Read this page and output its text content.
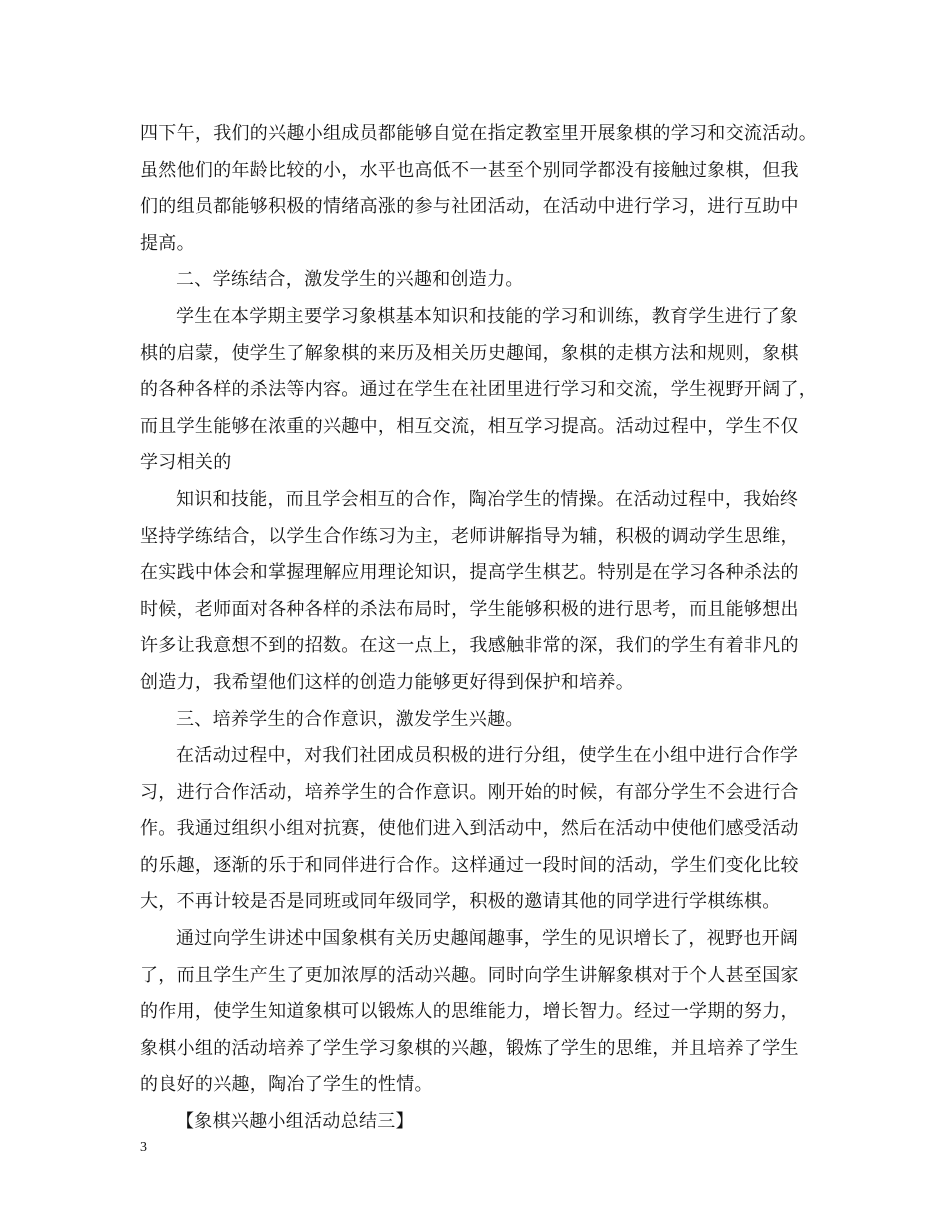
四下午，我们的兴趣小组成员都能够自觉在指定教室里开展象棋的学习和交流活动。
虽然他们的年龄比较的小，水平也高低不一甚至个别同学都没有接触过象棋，但我
们的组员都能够积极的情绪高涨的参与社团活动，在活动中进行学习，进行互助中
提高。
二、学练结合，激发学生的兴趣和创造力。
学生在本学期主要学习象棋基本知识和技能的学习和训练，教育学生进行了象
棋的启蒙，使学生了解象棋的来历及相关历史趣闻，象棋的走棋方法和规则，象棋
的各种各样的杀法等内容。通过在学生在社团里进行学习和交流，学生视野开阔了，
而且学生能够在浓重的兴趣中，相互交流，相互学习提高。活动过程中，学生不仅
学习相关的
知识和技能，而且学会相互的合作，陶冶学生的情操。在活动过程中，我始终
坚持学练结合，以学生合作练习为主，老师讲解指导为辅，积极的调动学生思维，
在实践中体会和掌握理解应用理论知识，提高学生棋艺。特别是在学习各种杀法的
时候，老师面对各种各样的杀法布局时，学生能够积极的进行思考，而且能够想出
许多让我意想不到的招数。在这一点上，我感触非常的深，我们的学生有着非凡的
创造力，我希望他们这样的创造力能够更好得到保护和培养。
三、培养学生的合作意识，激发学生兴趣。
在活动过程中，对我们社团成员积极的进行分组，使学生在小组中进行合作学
习，进行合作活动，培养学生的合作意识。刚开始的时候，有部分学生不会进行合
作。我通过组织小组对抗赛，使他们进入到活动中，然后在活动中使他们感受活动
的乐趣，逐渐的乐于和同伴进行合作。这样通过一段时间的活动，学生们变化比较
大，不再计较是否是同班或同年级同学，积极的邀请其他的同学进行学棋练棋。
通过向学生讲述中国象棋有关历史趣闻趣事，学生的见识增长了，视野也开阔
了，而且学生产生了更加浓厚的活动兴趣。同时向学生讲解象棋对于个人甚至国家
的作用，使学生知道象棋可以锻炼人的思维能力，增长智力。经过一学期的努力，
象棋小组的活动培养了学生学习象棋的兴趣，锻炼了学生的思维，并且培养了学生
的良好的兴趣，陶冶了学生的性情。
【象棋兴趣小组活动总结三】
3
